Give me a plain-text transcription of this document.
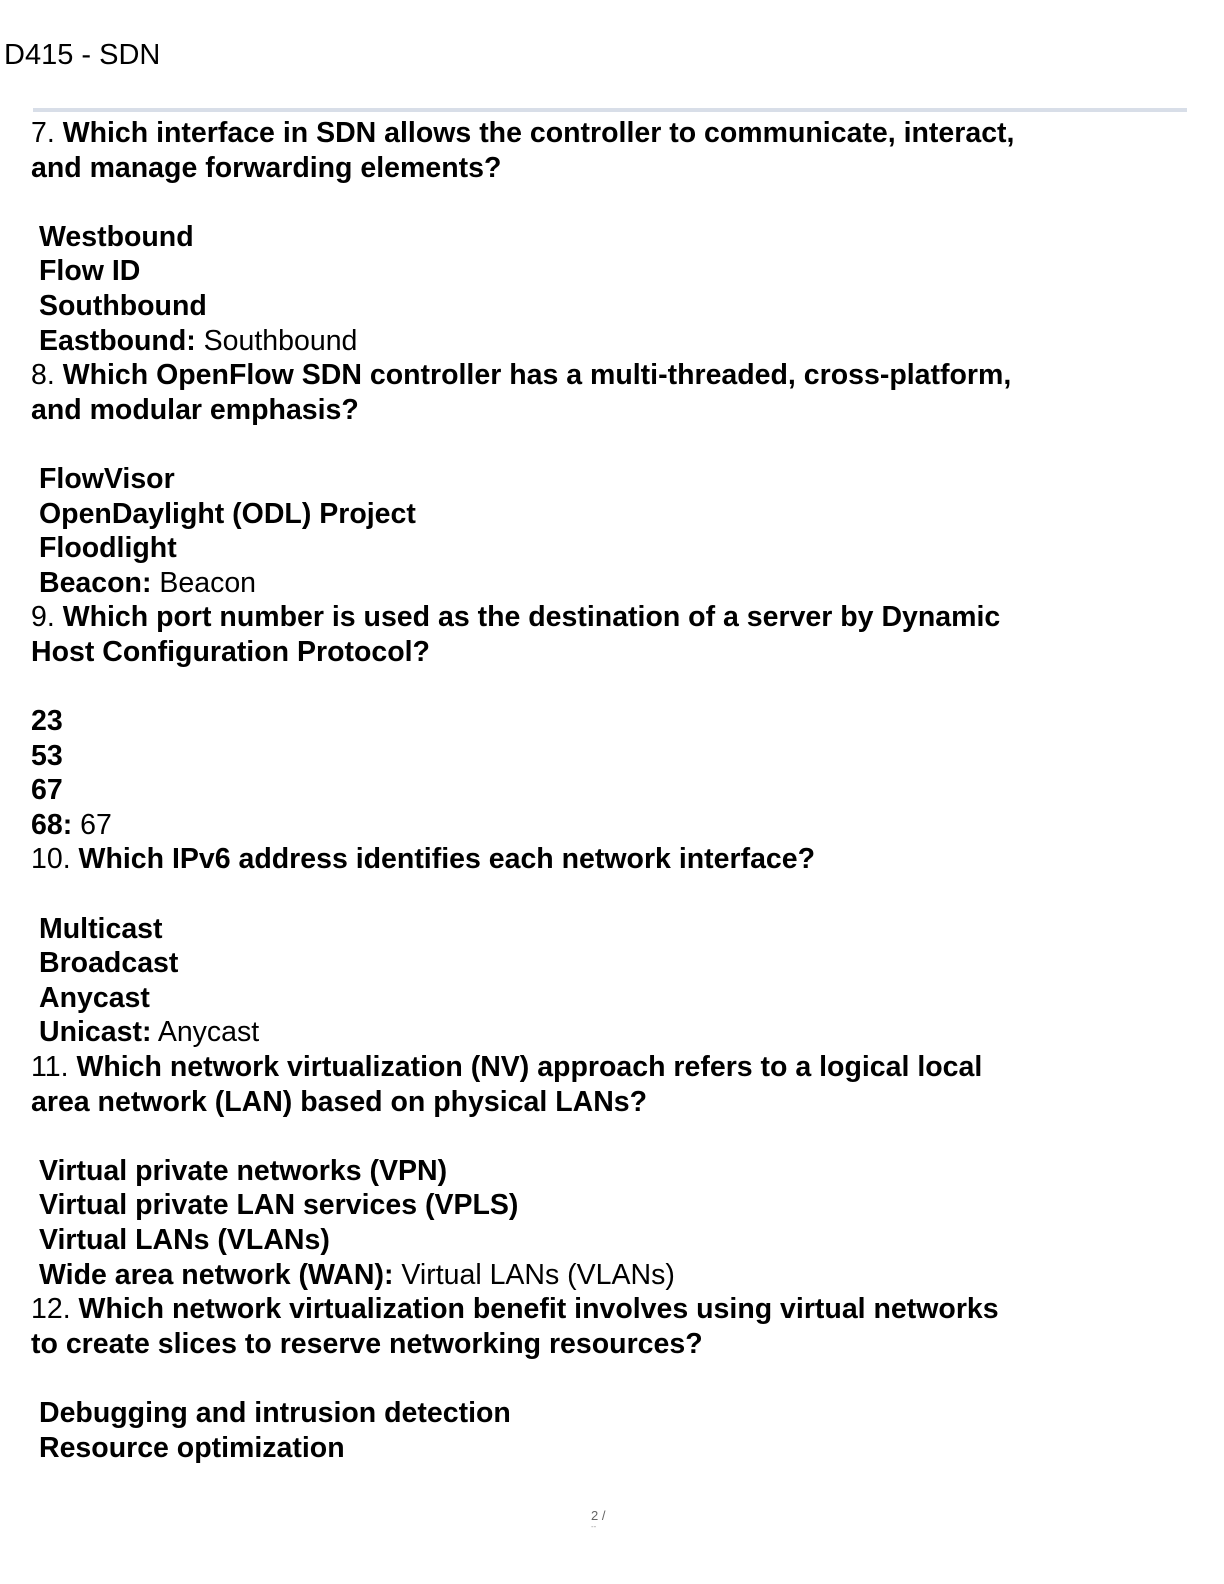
D415 - SDN
7. Which interface in SDN allows the controller to communicate, interact,
and manage forwarding elements?
Westbound
Flow ID
Southbound
Eastbound: Southbound
8. Which OpenFlow SDN controller has a multi-threaded, cross-platform,
and modular emphasis?
FlowVisor
OpenDaylight (ODL) Project
Floodlight
Beacon: Beacon
9. Which port number is used as the destination of a server by Dynamic
Host Configuration Protocol?
23
53
67
68: 67
10. Which IPv6 address identifies each network interface?
Multicast
Broadcast
Anycast
Unicast: Anycast
11. Which network virtualization (NV) approach refers to a logical local
area network (LAN) based on physical LANs?
Virtual private networks (VPN)
Virtual private LAN services (VPLS)
Virtual LANs (VLANs)
Wide area network (WAN): Virtual LANs (VLANs)
12. Which network virtualization benefit involves using virtual networks
to create slices to reserve networking resources?
Debugging and intrusion detection
Resource optimization
2 /
--
